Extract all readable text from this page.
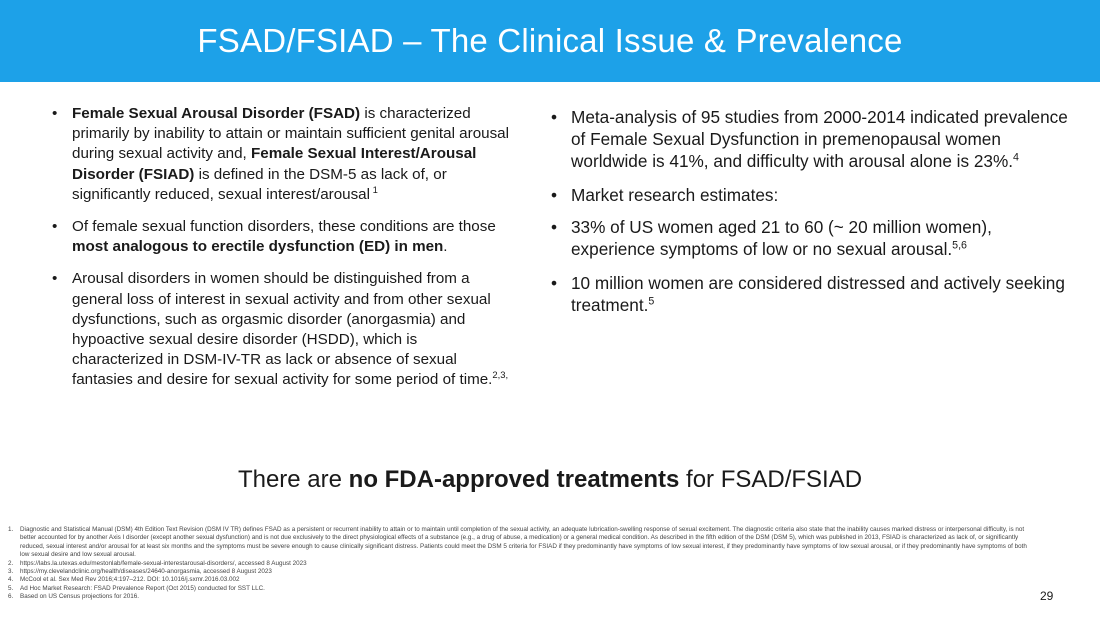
FSAD/FSIAD – The Clinical Issue & Prevalence
• Female Sexual Arousal Disorder (FSAD) is characterized primarily by inability to attain or maintain sufficient genital arousal during sexual activity and, Female Sexual Interest/Arousal Disorder (FSIAD) is defined in the DSM-5 as lack of, or significantly reduced, sexual interest/arousal $^1$
• Of female sexual function disorders, these conditions are those most analogous to erectile dysfunction (ED) in men.
• Arousal disorders in women should be distinguished from a general loss of interest in sexual activity and from other sexual dysfunctions, such as orgasmic disorder (anorgasmia) and hypoactive sexual desire disorder (HSDD), which is characterized in DSM-IV-TR as lack or absence of sexual fantasies and desire for sexual activity for some period of time.$^{2,3,}$
• Meta-analysis of 95 studies from 2000-2014 indicated prevalence of Female Sexual Dysfunction in premenopausal women worldwide is 41%, and difficulty with arousal alone is 23%.$^4$
• Market research estimates:
• 33% of US women aged 21 to 60 (~ 20 million women), experience symptoms of low or no sexual arousal.$^{5,6}$
• 10 million women are considered distressed and actively seeking treatment.$^5$
There are no FDA-approved treatments for FSAD/FSIAD
1. Diagnostic and Statistical Manual (DSM) 4th Edition Text Revision (DSM IV TR) defines FSAD as a persistent or recurrent inability to attain or to maintain until completion of the sexual activity, an adequate lubrication-swelling response of sexual excitement. The diagnostic criteria also state that the inability causes marked distress or interpersonal difficulty, is not better accounted for by another Axis I disorder (except another sexual dysfunction) and is not due exclusively to the direct physiological effects of a substance (e.g., a drug of abuse, a medication) or a general medical condition. As described in the fifth edition of the DSM (DSM 5), which was published in 2013, FSIAD is characterized as lack of, or significantly reduced, sexual interest and/or arousal for at least six months and the symptoms must be severe enough to cause clinically significant distress. Patients could meet the DSM 5 criteria for FSIAD if they predominantly have symptoms of low sexual interest, if they predominantly have symptoms of low sexual arousal, or if they predominantly have symptoms of both low sexual desire and low sexual arousal.
2. https://labs.la.utexas.edu/mestonlab/female-sexual-interestarousal-disorders/, accessed 8 August 2023
3. https://my.clevelandclinic.org/health/diseases/24640-anorgasmia, accessed 8 August 2023
4. McCool et al. Sex Med Rev 2016;4:197–212. DOI: 10.1016/j.sxmr.2016.03.002
5. Ad Hoc Market Research: FSAD Prevalence Report (Oct 2015) conducted for SST LLC.
6. Based on US Census projections for 2016.	29
